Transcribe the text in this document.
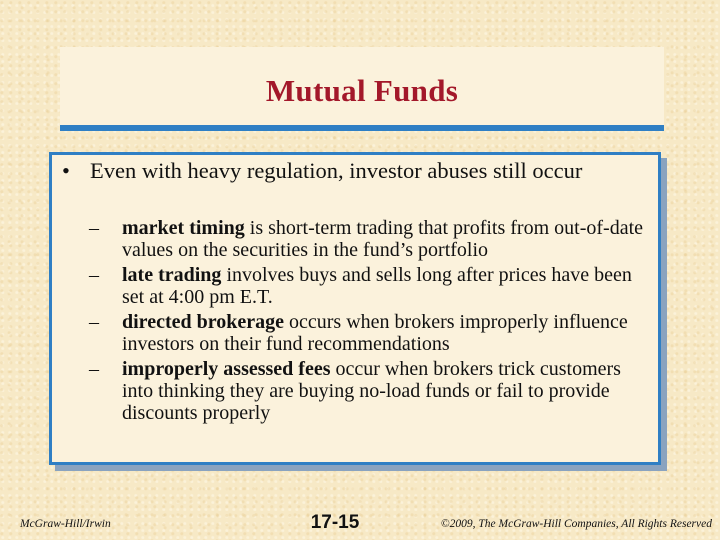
Mutual Funds
• Even with heavy regulation, investor abuses still occur
–	market timing is short-term trading that profits from out-of-date values on the securities in the fund’s portfolio
–	late trading involves buys and sells long after prices have been set at 4:00 pm E.T.
–	directed brokerage occurs when brokers improperly influence investors on their fund recommendations
–	improperly assessed fees occur when brokers trick customers into thinking they are buying no-load funds or fail to provide discounts properly
McGraw-Hill/Irwin	17-15	©2009, The McGraw-Hill Companies, All Rights Reserved
